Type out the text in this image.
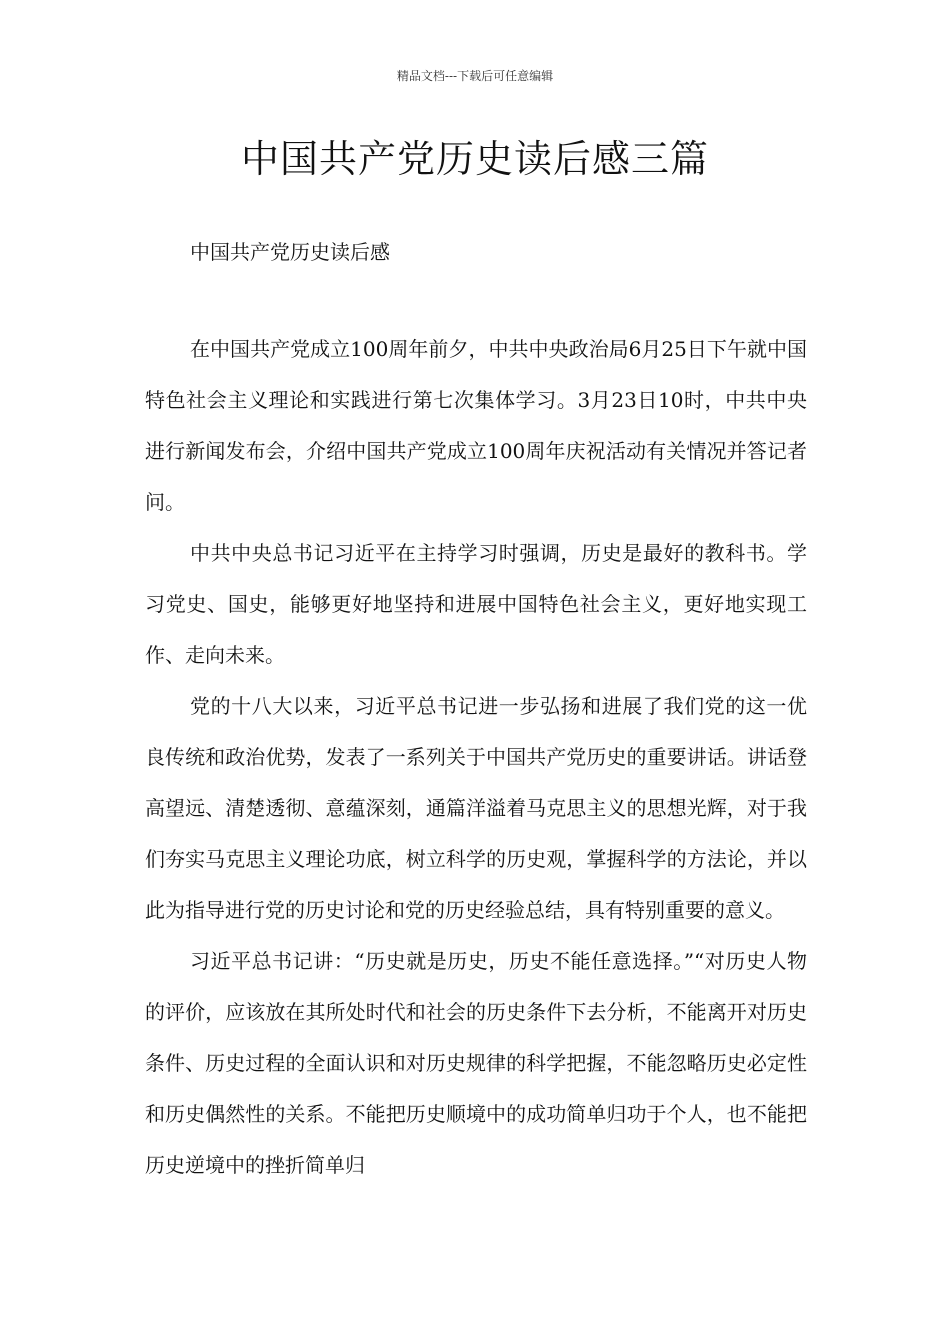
精品文档---下载后可任意编辑
中国共产党历史读后感三篇
中国共产党历史读后感

在中国共产党成立100周年前夕，中共中央政治局6月25日下午就中国特色社会主义理论和实践进行第七次集体学习。3月23日10时，中共中央进行新闻发布会，介绍中国共产党成立100周年庆祝活动有关情况并答记者问。

中共中央总书记习近平在主持学习时强调，历史是最好的教科书。学习党史、国史，能够更好地坚持和进展中国特色社会主义，更好地实现工作、走向未来。

党的十八大以来，习近平总书记进一步弘扬和进展了我们党的这一优良传统和政治优势，发表了一系列关于中国共产党历史的重要讲话。讲话登高望远、清楚透彻、意蕴深刻，通篇洋溢着马克思主义的思想光辉，对于我们夯实马克思主义理论功底，树立科学的历史观，掌握科学的方法论，并以此为指导进行党的历史讨论和党的历史经验总结，具有特别重要的意义。

习近平总书记讲：“历史就是历史，历史不能任意选择。”“对历史人物的评价，应该放在其所处时代和社会的历史条件下去分析，不能离开对历史条件、历史过程的全面认识和对历史规律的科学把握，不能忽略历史必定性和历史偶然性的关系。不能把历史顺境中的成功简单归功于个人，也不能把历史逆境中的挫折简单归
